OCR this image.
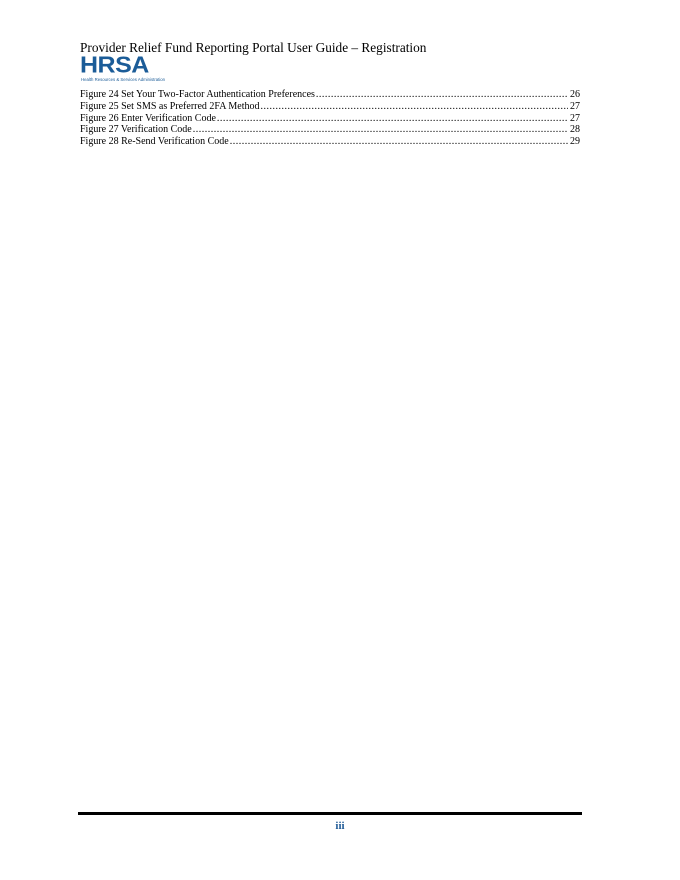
Provider Relief Fund Reporting Portal User Guide – Registration
HRSA
Health Resources & Services Administration
Figure 24 Set Your Two-Factor Authentication Preferences .....	26
Figure 25 Set SMS as Preferred 2FA Method .....	27
Figure 26 Enter Verification Code .....	27
Figure 27 Verification Code .....	28
Figure 28 Re-Send Verification Code .....	29
iii
